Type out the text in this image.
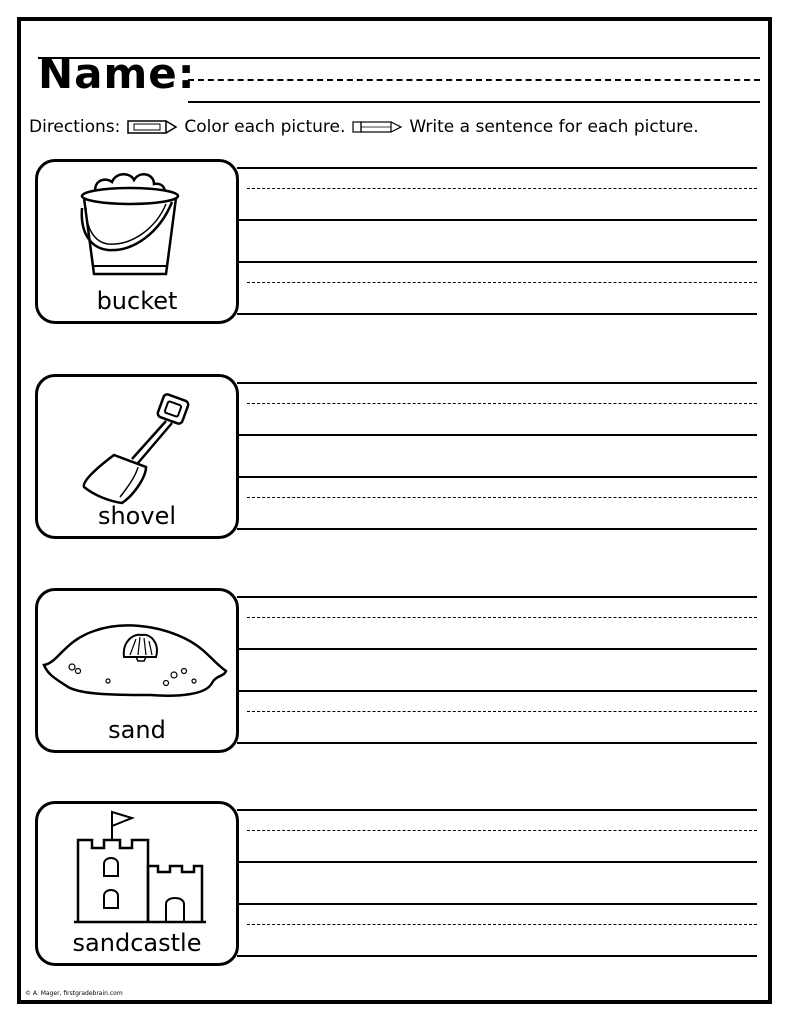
Name:
Directions:	Color each picture.	Write a sentence for each picture.
bucket
shovel
sand
sandcastle
© A. Mager, firstgradebrain.com
